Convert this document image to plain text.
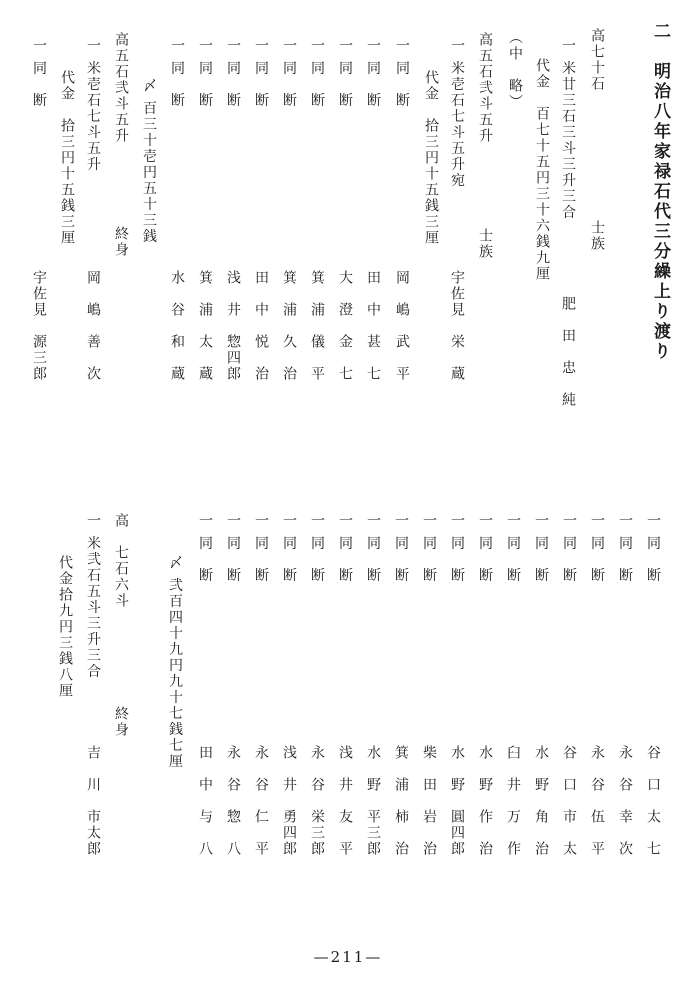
二　明治八年家禄石代三分繰上り渡り
高七十石
士族
一 米廿三石三斗三升三合
肥　田　忠　純
代金　百七十五円三十六銭九厘
（中　略）
高五石弐斗五升
士族
一 米壱石七斗五升宛
宇佐見　栄　蔵
代金　拾三円十五銭三厘
一 同　断
岡　嶋　武　平
一 同　断
田　中　甚　七
一 同　断
大　澄　金　七
一 同　断
箕　浦　儀　平
一 同　断
箕　浦　久　治
一 同　断
田　中　悦　治
一 同　断
浅　井　惣四郎
一 同　断
箕　浦　太　蔵
一 同　断
水　谷　和　蔵
〆 百三十壱円五十三銭
高五石弐斗五升
終身
一 米壱石七斗五升
岡　嶋　善　次
代金　拾三円十五銭三厘
一 同　断
宇佐見　源三郎
一 同　断
谷　口　太　七
一 同　断
永　谷　幸　次
一 同　断
永　谷　伍　平
一 同　断
谷　口　市　太
一 同　断
水　野　角　治
一 同　断
臼　井　万　作
一 同　断
水　野　作　治
一 同　断
水　野　圓四郎
一 同　断
柴　田　岩　治
一 同　断
箕　浦　柿　治
一 同　断
水　野　平三郎
一 同　断
浅　井　友　平
一 同　断
永　谷　栄三郎
一 同　断
浅　井　勇四郎
一 同　断
永　谷　仁　平
一 同　断
永　谷　惣　八
一 同　断
田　中　与　八
〆 弐百四十九円九十七銭七厘
高　七石六斗
終身
一 米弐石五斗三升三合
吉　川　市太郎
代金拾九円三銭八厘
—211—
